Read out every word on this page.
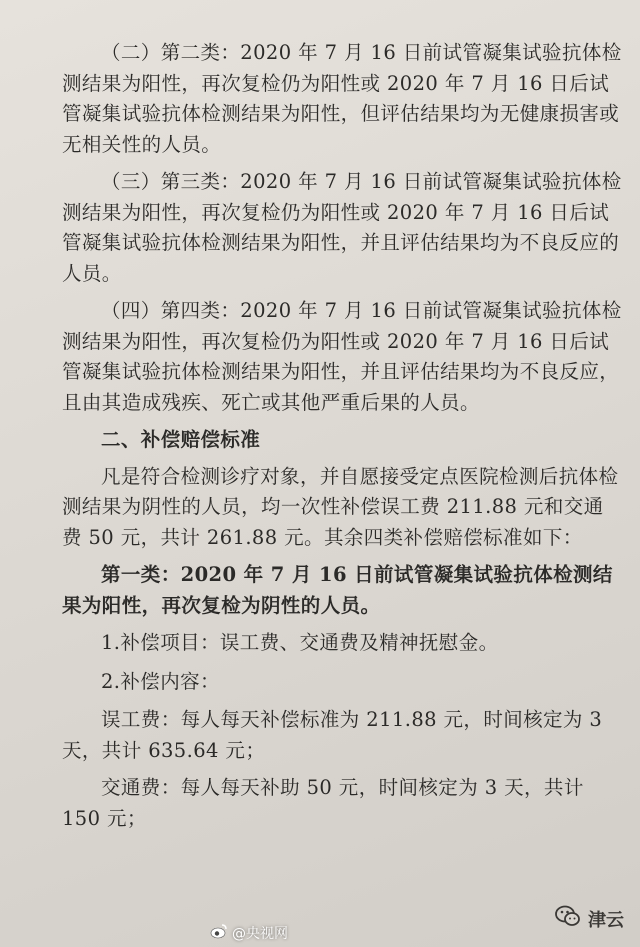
（二）第二类：2020 年 7 月 16 日前试管凝集试验抗体检测结果为阳性，再次复检仍为阳性或 2020 年 7 月 16 日后试管凝集试验抗体检测结果为阳性，但评估结果均为无健康损害或无相关性的人员。

（三）第三类：2020 年 7 月 16 日前试管凝集试验抗体检测结果为阳性，再次复检仍为阳性或 2020 年 7 月 16 日后试管凝集试验抗体检测结果为阳性，并且评估结果均为不良反应的人员。

（四）第四类：2020 年 7 月 16 日前试管凝集试验抗体检测结果为阳性，再次复检仍为阳性或 2020 年 7 月 16 日后试管凝集试验抗体检测结果为阳性，并且评估结果均为不良反应，且由其造成残疾、死亡或其他严重后果的人员。

二、补偿赔偿标准

凡是符合检测诊疗对象，并自愿接受定点医院检测后抗体检测结果为阴性的人员，均一次性补偿误工费 211.88 元和交通费 50 元，共计 261.88 元。其余四类补偿赔偿标准如下：

第一类：2020 年 7 月 16 日前试管凝集试验抗体检测结果为阳性，再次复检为阴性的人员。

1.补偿项目：误工费、交通费及精神抚慰金。

2.补偿内容：

误工费：每人每天补偿标准为 211.88 元，时间核定为 3 天，共计 635.64 元；

交通费：每人每天补助 50 元，时间核定为 3 天，共计 150 元；

@央视网
津云
